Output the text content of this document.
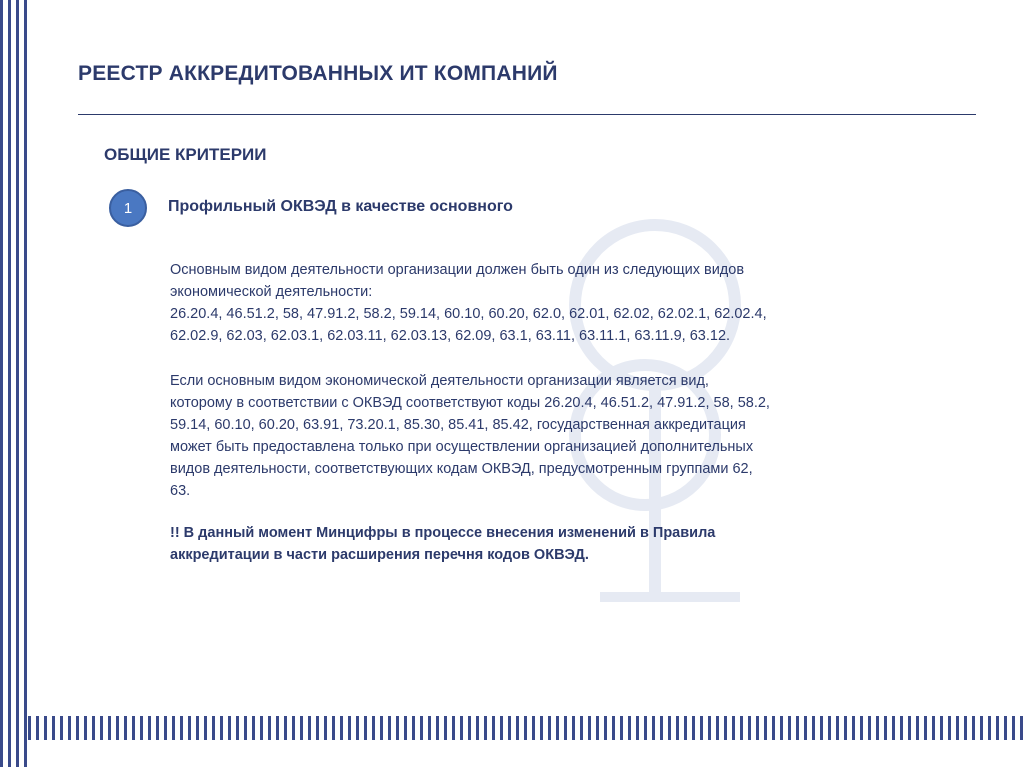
РЕЕСТР АККРЕДИТОВАННЫХ ИТ КОМПАНИЙ
ОБЩИЕ КРИТЕРИИ
1	Профильный ОКВЭД в качестве основного

Основным видом деятельности организации должен быть один из следующих видов
экономической деятельности:
26.20.4, 46.51.2, 58, 47.91.2, 58.2, 59.14, 60.10, 60.20, 62.0, 62.01, 62.02, 62.02.1, 62.02.4,
62.02.9, 62.03, 62.03.1, 62.03.11, 62.03.13, 62.09, 63.1, 63.11, 63.11.1, 63.11.9, 63.12.

Если основным видом экономической деятельности организации является вид,
которому в соответствии с ОКВЭД соответствуют коды 26.20.4, 46.51.2, 47.91.2, 58, 58.2,
59.14, 60.10, 60.20, 63.91, 73.20.1, 85.30, 85.41, 85.42, государственная аккредитация
может быть предоставлена только при осуществлении организацией дополнительных
видов деятельности, соответствующих кодам ОКВЭД, предусмотренным группами 62,
63.

!! В данный момент Минцифры в процессе внесения изменений в Правила
аккредитации в части расширения перечня кодов ОКВЭД.
